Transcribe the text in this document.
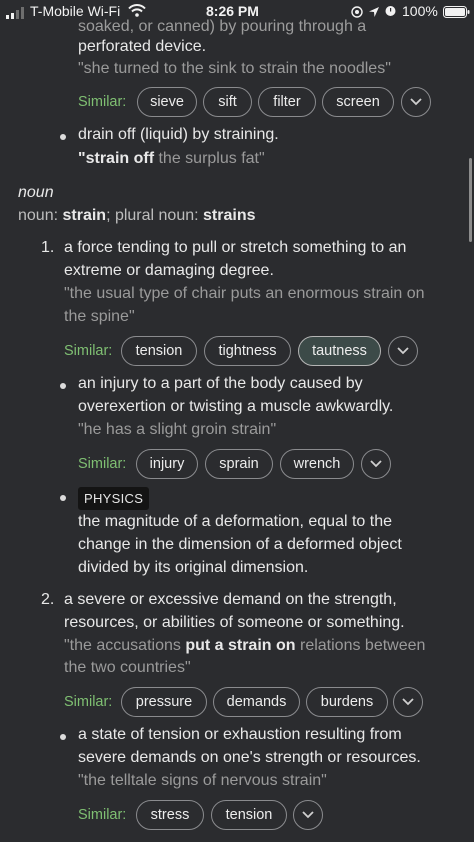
T-Mobile Wi-Fi	8:26 PM	100%
soaked, or canned) by pouring through a
perforated device.
"she turned to the sink to strain the noodles"
Similar:	sieve	sift	filter	screen
drain off (liquid) by straining.
"strain off the surplus fat"
noun
noun: strain; plural noun: strains
1. a force tending to pull or stretch something to an
extreme or damaging degree.
"the usual type of chair puts an enormous strain on
the spine"
Similar:	tension	tightness	tautness
an injury to a part of the body caused by
overexertion or twisting a muscle awkwardly.
"he has a slight groin strain"
Similar:	injury	sprain	wrench
PHYSICS
the magnitude of a deformation, equal to the
change in the dimension of a deformed object
divided by its original dimension.
2. a severe or excessive demand on the strength,
resources, or abilities of someone or something.
"the accusations put a strain on relations between
the two countries"
Similar:	pressure	demands	burdens
a state of tension or exhaustion resulting from
severe demands on one's strength or resources.
"the telltale signs of nervous strain"
Similar:	stress	tension
